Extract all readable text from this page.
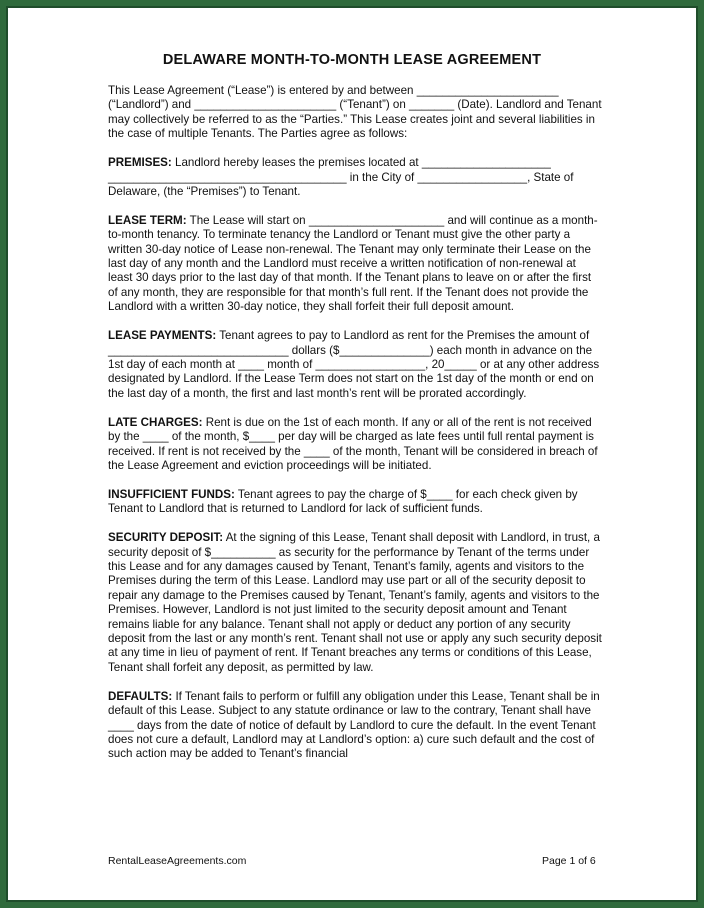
DELAWARE MONTH-TO-MONTH LEASE AGREEMENT

This Lease Agreement (“Lease”) is entered by and between ______________________ (“Landlord”) and ______________________ (“Tenant”) on _______ (Date). Landlord and Tenant may collectively be referred to as the “Parties.” This Lease creates joint and several liabilities in the case of multiple Tenants. The Parties agree as follows:

PREMISES: Landlord hereby leases the premises located at ____________________ _____________________________________ in the City of _________________, State of Delaware, (the “Premises”) to Tenant.

LEASE TERM: The Lease will start on _____________________ and will continue as a month-to-month tenancy. To terminate tenancy the Landlord or Tenant must give the other party a written 30-day notice of Lease non-renewal. The Tenant may only terminate their Lease on the last day of any month and the Landlord must receive a written notification of non-renewal at least 30 days prior to the last day of that month. If the Tenant plans to leave on or after the first of any month, they are responsible for that month’s full rent. If the Tenant does not provide the Landlord with a written 30-day notice, they shall forfeit their full deposit amount.

LEASE PAYMENTS: Tenant agrees to pay to Landlord as rent for the Premises the amount of ____________________________ dollars ($______________) each month in advance on the 1st day of each month at ____ month of _________________, 20_____ or at any other address designated by Landlord. If the Lease Term does not start on the 1st day of the month or end on the last day of a month, the first and last month’s rent will be prorated accordingly.

LATE CHARGES: Rent is due on the 1st of each month. If any or all of the rent is not received by the ____ of the month, $____ per day will be charged as late fees until full rental payment is received. If rent is not received by the ____ of the month, Tenant will be considered in breach of the Lease Agreement and eviction proceedings will be initiated.

INSUFFICIENT FUNDS: Tenant agrees to pay the charge of $____ for each check given by Tenant to Landlord that is returned to Landlord for lack of sufficient funds.

SECURITY DEPOSIT: At the signing of this Lease, Tenant shall deposit with Landlord, in trust, a security deposit of $__________ as security for the performance by Tenant of the terms under this Lease and for any damages caused by Tenant, Tenant’s family, agents and visitors to the Premises during the term of this Lease. Landlord may use part or all of the security deposit to repair any damage to the Premises caused by Tenant, Tenant’s family, agents and visitors to the Premises. However, Landlord is not just limited to the security deposit amount and Tenant remains liable for any balance. Tenant shall not apply or deduct any portion of any security deposit from the last or any month’s rent. Tenant shall not use or apply any such security deposit at any time in lieu of payment of rent. If Tenant breaches any terms or conditions of this Lease, Tenant shall forfeit any deposit, as permitted by law.

DEFAULTS: If Tenant fails to perform or fulfill any obligation under this Lease, Tenant shall be in default of this Lease. Subject to any statute ordinance or law to the contrary, Tenant shall have ____ days from the date of notice of default by Landlord to cure the default. In the event Tenant does not cure a default, Landlord may at Landlord’s option: a) cure such default and the cost of such action may be added to Tenant’s financial

RentalLeaseAgreements.com	Page 1 of 6
